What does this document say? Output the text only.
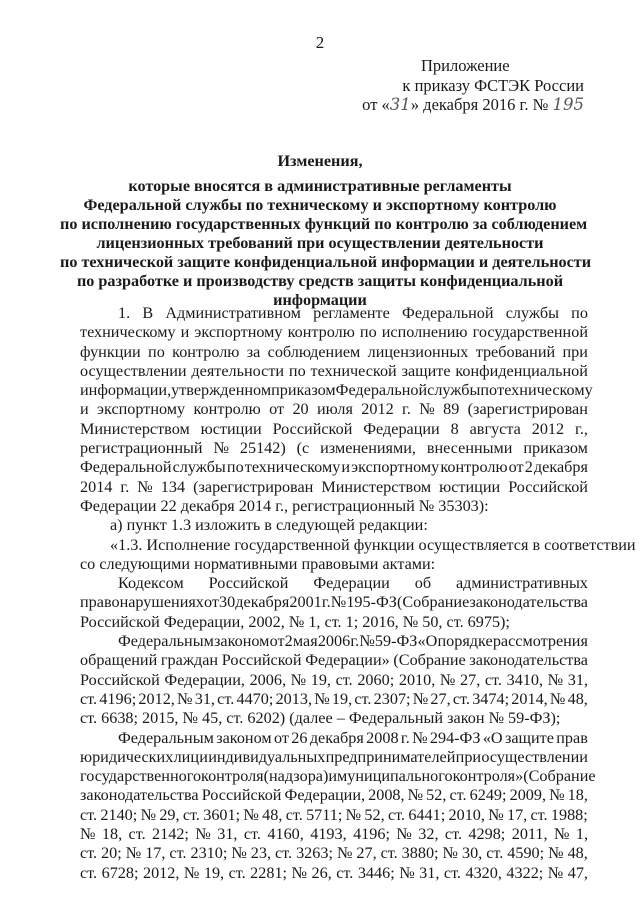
2
Приложение
к приказу ФСТЭК России
от «31» декабря 2016 г. № 195
Изменения,
которые вносятся в административные регламенты
Федеральной службы по техническому и экспортному контролю
по исполнению государственных функций по контролю за соблюдением
лицензионных требований при осуществлении деятельности
по технической защите конфиденциальной информации и деятельности
по разработке и производству средств защиты конфиденциальной
информации
1. В Административном регламенте Федеральной службы по
техническому и экспортному контролю по исполнению государственной
функции по контролю за соблюдением лицензионных требований при
осуществлении деятельности по технической защите конфиденциальной
информации, утвержденном приказом Федеральной службы по техническому
и экспортному контролю от 20 июля 2012 г. № 89 (зарегистрирован
Министерством юстиции Российской Федерации 8 августа 2012 г.,
регистрационный № 25142) (с изменениями, внесенными приказом
Федеральной службы по техническому и экспортному контролю от 2 декабря
2014 г. № 134 (зарегистрирован Министерством юстиции Российской
Федерации 22 декабря 2014 г., регистрационный № 35303):
а) пункт 1.3 изложить в следующей редакции:
«1.3. Исполнение государственной функции осуществляется в соответствии
со следующими нормативными правовыми актами:
Кодексом Российской Федерации об административных
правонарушениях от 30 декабря 2001 г. № 195-ФЗ (Собрание законодательства
Российской Федерации, 2002, № 1, ст. 1; 2016, № 50, ст. 6975);
Федеральным законом от 2 мая 2006 г. № 59-ФЗ «О порядке рассмотрения
обращений граждан Российской Федерации» (Собрание законодательства
Российской Федерации, 2006, № 19, ст. 2060; 2010, № 27, ст. 3410, № 31,
ст. 4196; 2012, № 31, ст. 4470; 2013, № 19, ст. 2307; № 27, ст. 3474; 2014, № 48,
ст. 6638; 2015, № 45, ст. 6202) (далее – Федеральный закон № 59-ФЗ);
Федеральным законом от 26 декабря 2008 г. № 294-ФЗ «О защите прав
юридических лиц и индивидуальных предпринимателей при осуществлении
государственного контроля (надзора) и муниципального контроля» (Собрание
законодательства Российской Федерации, 2008, № 52, ст. 6249; 2009, № 18,
ст. 2140; № 29, ст. 3601; № 48, ст. 5711; № 52, ст. 6441; 2010, № 17, ст. 1988;
№ 18, ст. 2142; № 31, ст. 4160, 4193, 4196; № 32, ст. 4298; 2011, № 1,
ст. 20; № 17, ст. 2310; № 23, ст. 3263; № 27, ст. 3880; № 30, ст. 4590; № 48,
ст. 6728; 2012, № 19, ст. 2281; № 26, ст. 3446; № 31, ст. 4320, 4322; № 47,
